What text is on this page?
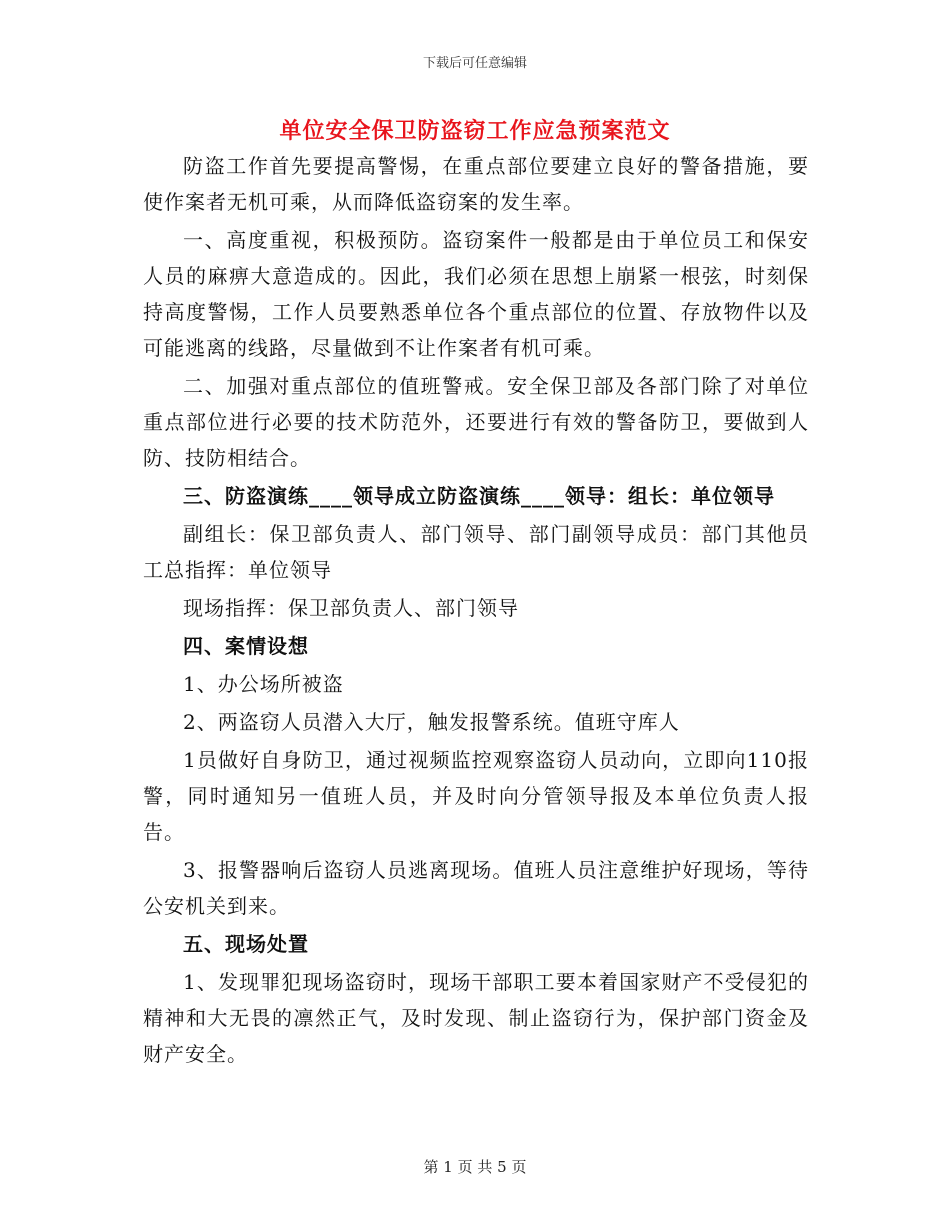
下载后可任意编辑
单位安全保卫防盗窃工作应急预案范文

防盗工作首先要提高警惕，在重点部位要建立良好的警备措施，要使作案者无机可乘，从而降低盗窃案的发生率。

一、高度重视，积极预防。盗窃案件一般都是由于单位员工和保安人员的麻痹大意造成的。因此，我们必须在思想上崩紧一根弦，时刻保持高度警惕，工作人员要熟悉单位各个重点部位的位置、存放物件以及可能逃离的线路，尽量做到不让作案者有机可乘。

二、加强对重点部位的值班警戒。安全保卫部及各部门除了对单位重点部位进行必要的技术防范外，还要进行有效的警备防卫，要做到人防、技防相结合。

三、防盗演练____领导成立防盗演练____领导：组长：单位领导

副组长：保卫部负责人、部门领导、部门副领导成员：部门其他员工总指挥：单位领导

现场指挥：保卫部负责人、部门领导

四、案情设想

1、办公场所被盗

2、两盗窃人员潜入大厅，触发报警系统。值班守库人

1员做好自身防卫，通过视频监控观察盗窃人员动向，立即向110报警，同时通知另一值班人员，并及时向分管领导报及本单位负责人报告。

3、报警器响后盗窃人员逃离现场。值班人员注意维护好现场，等待公安机关到来。

五、现场处置

1、发现罪犯现场盗窃时，现场干部职工要本着国家财产不受侵犯的精神和大无畏的凛然正气，及时发现、制止盗窃行为，保护部门资金及财产安全。

第 1 页 共 5 页
